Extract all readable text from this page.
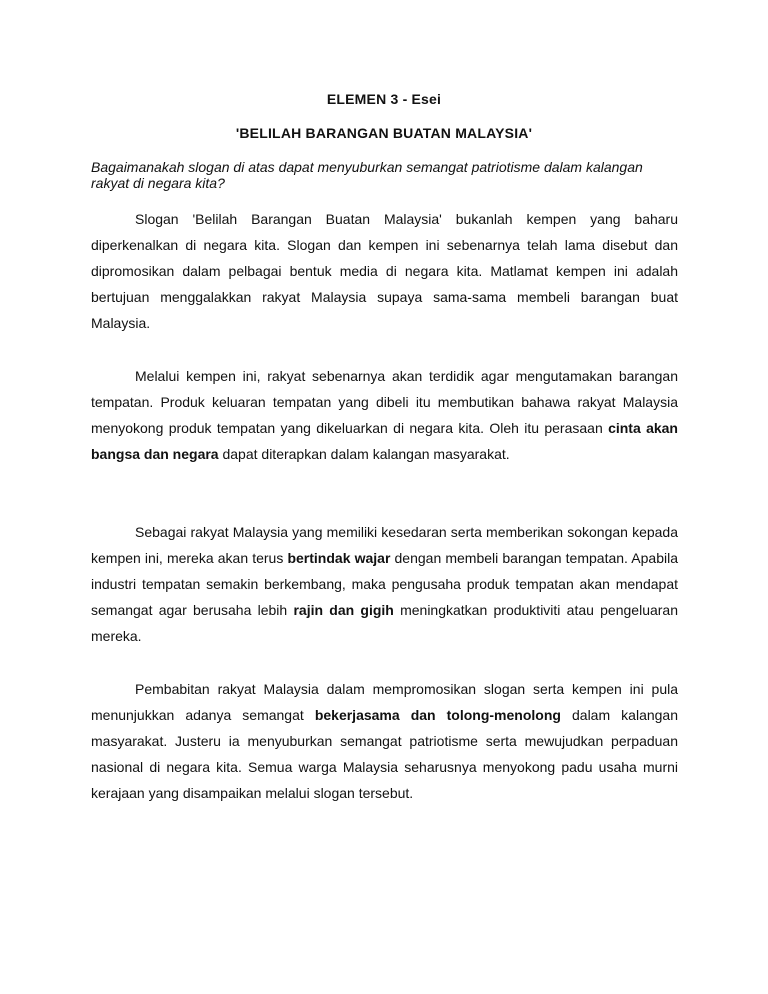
ELEMEN 3 - Esei
'BELILAH BARANGAN BUATAN MALAYSIA'
Bagaimanakah slogan di atas dapat menyuburkan semangat patriotisme dalam kalangan rakyat di negara kita?

Slogan 'Belilah Barangan Buatan Malaysia' bukanlah kempen yang baharu diperkenalkan di negara kita. Slogan dan kempen ini sebenarnya telah lama disebut dan dipromosikan dalam pelbagai bentuk media di negara kita. Matlamat kempen ini adalah bertujuan menggalakkan rakyat Malaysia supaya sama-sama membeli barangan buat Malaysia.

Melalui kempen ini, rakyat sebenarnya akan terdidik agar mengutamakan barangan tempatan. Produk keluaran tempatan yang dibeli itu membutikan bahawa rakyat Malaysia menyokong produk tempatan yang dikeluarkan di negara kita. Oleh itu perasaan cinta akan bangsa dan negara dapat diterapkan dalam kalangan masyarakat.

Sebagai rakyat Malaysia yang memiliki kesedaran serta memberikan sokongan kepada kempen ini, mereka akan terus bertindak wajar dengan membeli barangan tempatan. Apabila industri tempatan semakin berkembang, maka pengusaha produk tempatan akan mendapat semangat agar berusaha lebih rajin dan gigih meningkatkan produktiviti atau pengeluaran mereka.

Pembabitan rakyat Malaysia dalam mempromosikan slogan serta kempen ini pula menunjukkan adanya semangat bekerjasama dan tolong-menolong dalam kalangan masyarakat. Justeru ia menyuburkan semangat patriotisme serta mewujudkan perpaduan nasional di negara kita. Semua warga Malaysia seharusnya menyokong padu usaha murni kerajaan yang disampaikan melalui slogan tersebut.
